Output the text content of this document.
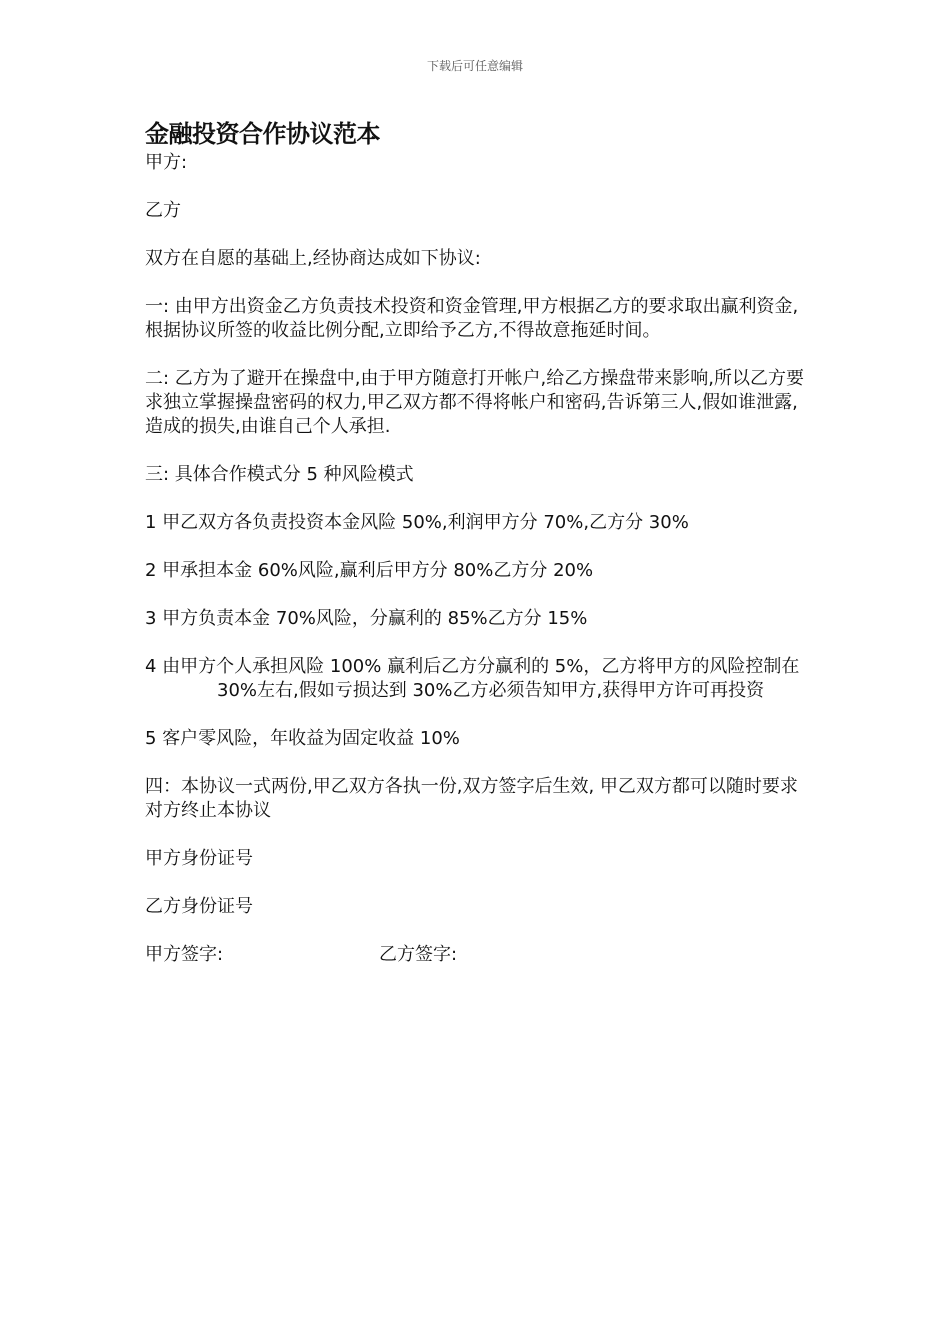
下载后可任意编辑
金融投资合作协议范本

甲方:

乙方

双方在自愿的基础上,经协商达成如下协议:

一: 由甲方出资金乙方负责技术投资和资金管理,甲方根据乙方的要求取出赢利资金,根据协议所签的收益比例分配,立即给予乙方,不得故意拖延时间。

二: 乙方为了避开在操盘中,由于甲方随意打开帐户,给乙方操盘带来影响,所以乙方要求独立掌握操盘密码的权力,甲乙双方都不得将帐户和密码,告诉第三人,假如谁泄露,造成的损失,由谁自己个人承担.

三: 具体合作模式分 5 种风险模式

1 甲乙双方各负责投资本金风险 50%,利润甲方分 70%,乙方分 30%

2 甲承担本金 60%风险,赢利后甲方分 80%乙方分 20%

3 甲方负责本金 70%风险，分赢利的 85%乙方分 15%

4 由甲方个人承担风险 100% 赢利后乙方分赢利的 5%，乙方将甲方的风险控制在30%左右,假如亏损达到 30%乙方必须告知甲方,获得甲方许可再投资

5 客户零风险，年收益为固定收益 10%

四：本协议一式两份,甲乙双方各执一份,双方签字后生效, 甲乙双方都可以随时要求对方终止本协议

甲方身份证号

乙方身份证号

甲方签字:	乙方签字:
